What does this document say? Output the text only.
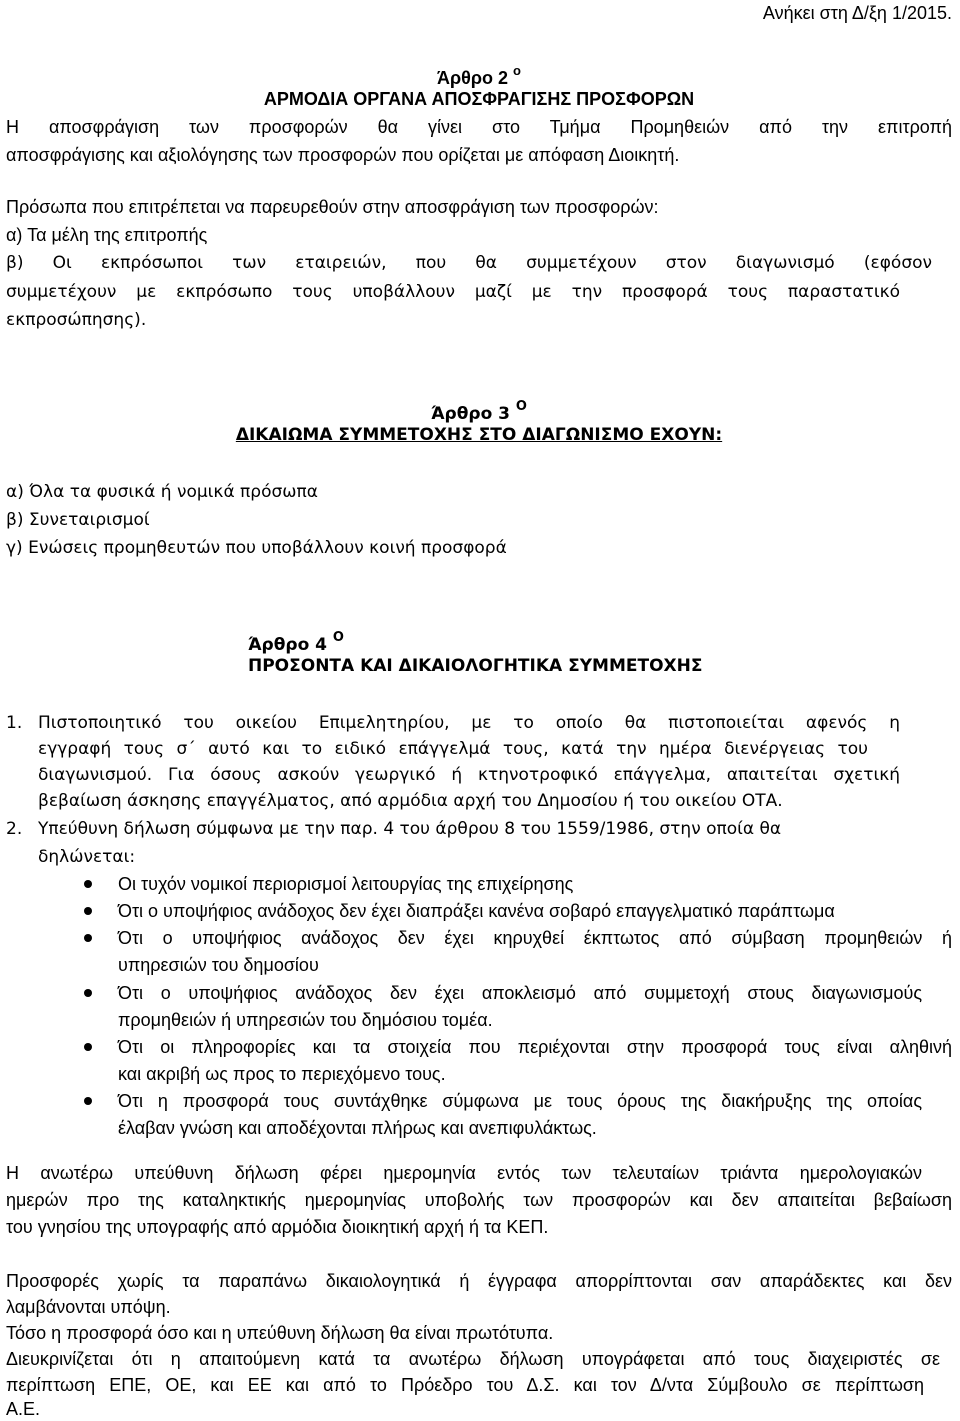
Ανήκει στη Δ/ξη 1/2015.
Άρθρο 2 $^o$
ΑΡΜΟΔΙΑ ΟΡΓΑΝΑ ΑΠΟΣΦΡΑΓΙΣΗΣ ΠΡΟΣΦΟΡΩΝ
Η αποσφράγιση των προσφορών θα γίνει στο Τμήμα Προμηθειών από την επιτροπή
αποσφράγισης και αξιολόγησης των προσφορών που ορίζεται με απόφαση Διοικητή.
Πρόσωπα που επιτρέπεται να παρευρεθούν στην αποσφράγιση των προσφορών:
α) Τα μέλη της επιτροπής
β) Οι εκπρόσωποι των εταιρειών, που θα συμμετέχουν στον διαγωνισμό (εφόσον
συμμετέχουν με εκπρόσωπο τους υποβάλλουν μαζί με την προσφορά τους παραστατικό
εκπροσώπησης).
Άρθρο 3 $^O$
ΔΙΚΑΙΩΜΑ ΣΥΜΜΕΤΟΧΗΣ ΣΤΟ ΔΙΑΓΩΝΙΣΜΟ ΕΧΟΥΝ:
α) Όλα τα φυσικά ή νομικά πρόσωπα
β) Συνεταιρισμοί
γ) Ενώσεις προμηθευτών που υποβάλλουν κοινή προσφορά
Άρθρο 4 $^O$
ΠΡΟΣΟΝΤΑ ΚΑΙ ΔΙΚΑΙΟΛΟΓΗΤΙΚΑ ΣΥΜΜΕΤΟΧΗΣ
1. Πιστοποιητικό του οικείου Επιμελητηρίου, με το οποίο θα πιστοποιείται αφενός η
εγγραφή τους σ΄ αυτό και το ειδικό επάγγελμά τους, κατά την ημέρα διενέργειας του
διαγωνισμού. Για όσους ασκούν γεωργικό ή κτηνοτροφικό επάγγελμα, απαιτείται σχετική
βεβαίωση άσκησης επαγγέλματος, από αρμόδια αρχή του Δημοσίου ή του οικείου ΟΤΑ.
2. Υπεύθυνη δήλωση σύμφωνα με την παρ. 4 του άρθρου 8 του 1559/1986, στην οποία θα
δηλώνεται:
Οι τυχόν νομικοί περιορισμοί λειτουργίας της επιχείρησης
Ότι ο υποψήφιος ανάδοχος δεν έχει διαπράξει κανένα σοβαρό επαγγελματικό παράπτωμα
Ότι ο υποψήφιος ανάδοχος δεν έχει κηρυχθεί έκπτωτος από σύμβαση προμηθειών ή
υπηρεσιών του δημοσίου
Ότι ο υποψήφιος ανάδοχος δεν έχει αποκλεισμό από συμμετοχή στους διαγωνισμούς
προμηθειών ή υπηρεσιών του δημόσιου τομέα.
Ότι οι πληροφορίες και τα στοιχεία που περιέχονται στην προσφορά τους είναι αληθινή
και ακριβή ως προς το περιεχόμενο τους.
Ότι η προσφορά τους συντάχθηκε σύμφωνα με τους όρους της διακήρυξης της οποίας
έλαβαν γνώση και αποδέχονται πλήρως και ανεπιφυλάκτως.
Η ανωτέρω υπεύθυνη δήλωση φέρει ημερομηνία εντός των τελευταίων τριάντα ημερολογιακών
ημερών προ της καταληκτικής ημερομηνίας υποβολής των προσφορών και δεν απαιτείται βεβαίωση
του γνησίου της υπογραφής από αρμόδια διοικητική αρχή ή τα ΚΕΠ.
Προσφορές χωρίς τα παραπάνω δικαιολογητικά ή έγγραφα απορρίπτονται σαν απαράδεκτες και δεν
λαμβάνονται υπόψη.
Τόσο η προσφορά όσο και η υπεύθυνη δήλωση θα είναι πρωτότυπα.
Διευκρινίζεται ότι η απαιτούμενη κατά τα ανωτέρω δήλωση υπογράφεται από τους διαχειριστές σε
περίπτωση ΕΠΕ, ΟΕ, και ΕΕ και από το Πρόεδρο του Δ.Σ. και τον Δ/ντα Σύμβουλο σε περίπτωση
Α.Ε.
